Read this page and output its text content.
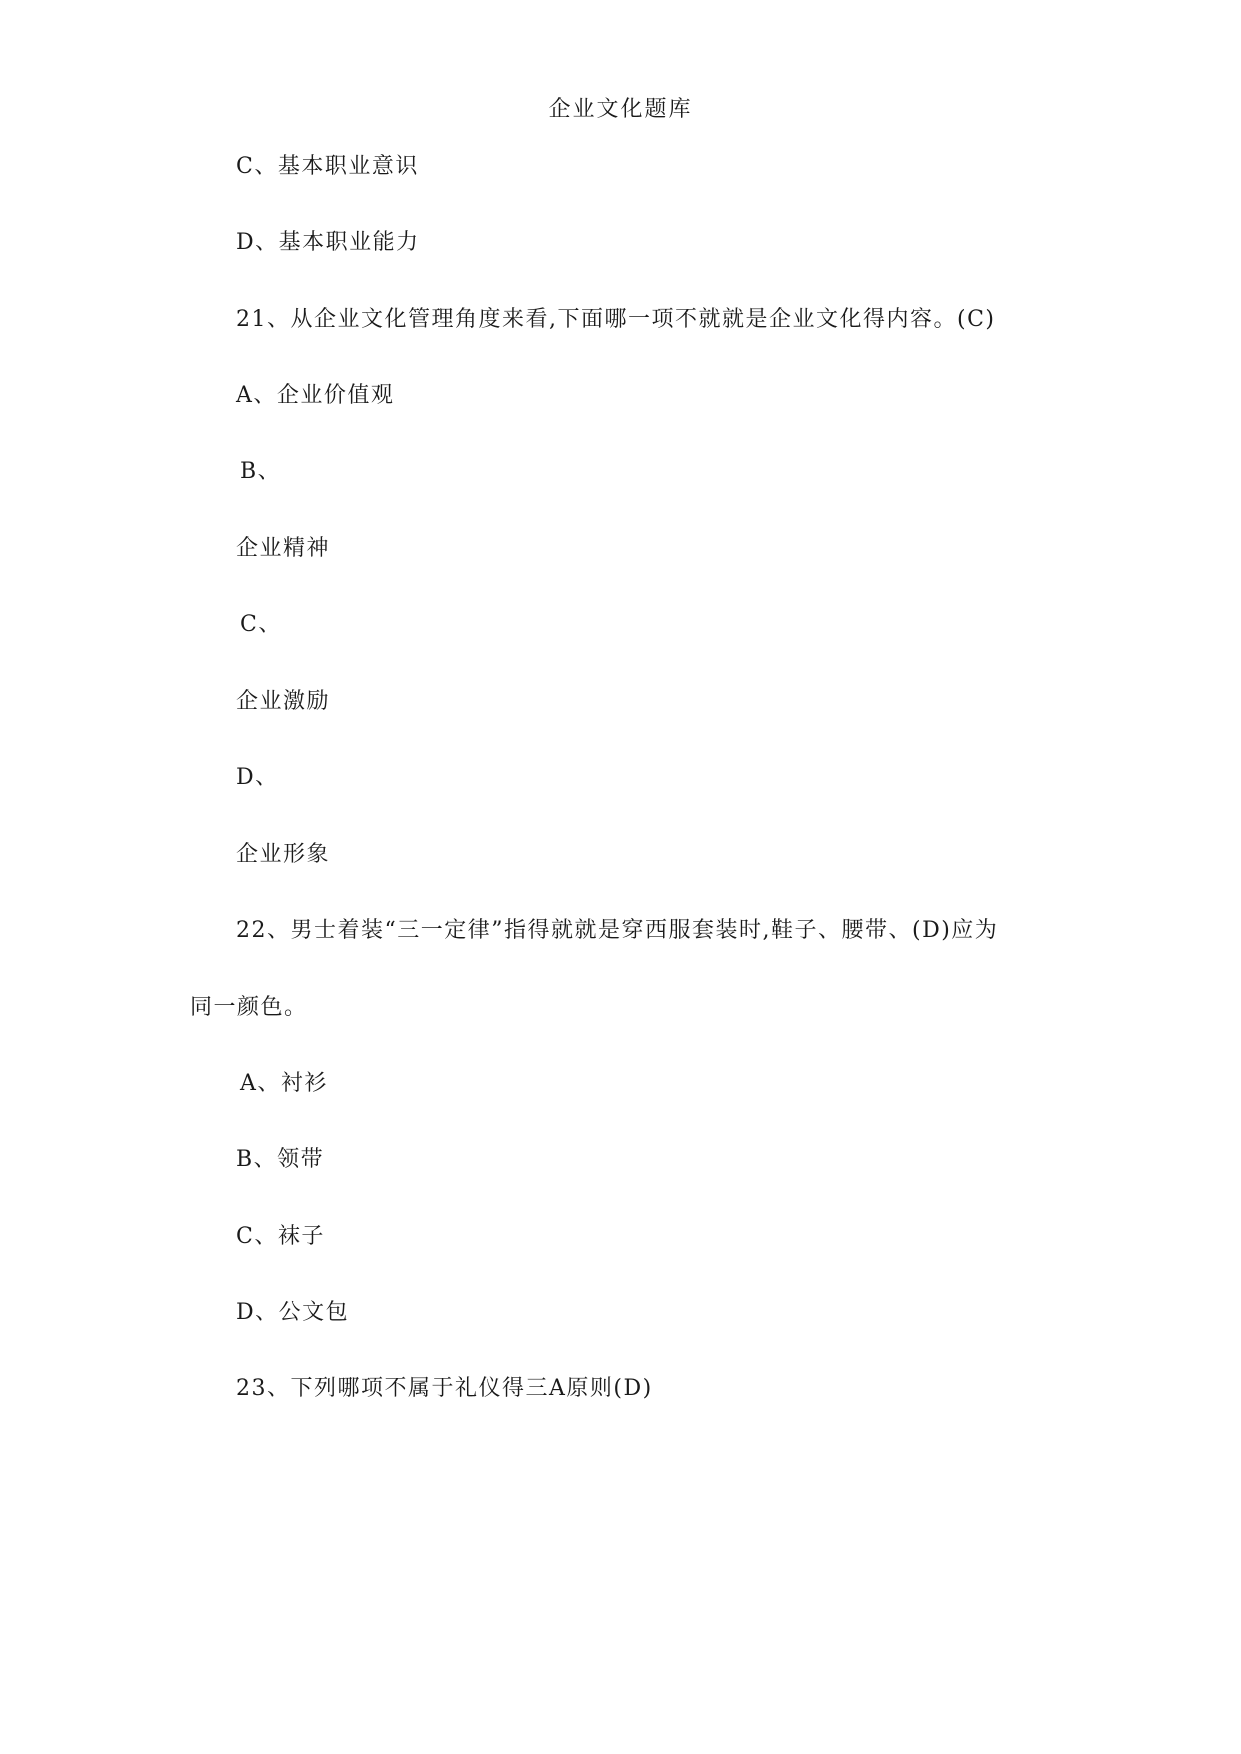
企业文化题库
C、基本职业意识
D、基本职业能力
21、从企业文化管理角度来看,下面哪一项不就就是企业文化得内容。(C)
A、企业价值观
B、
企业精神
C、
企业激励
D、
企业形象
22、男士着装“三一定律”指得就就是穿西服套装时,鞋子、腰带、(D)应为
同一颜色。
A、衬衫
B、领带
C、袜子
D、公文包
23、下列哪项不属于礼仪得三A原则(D)
